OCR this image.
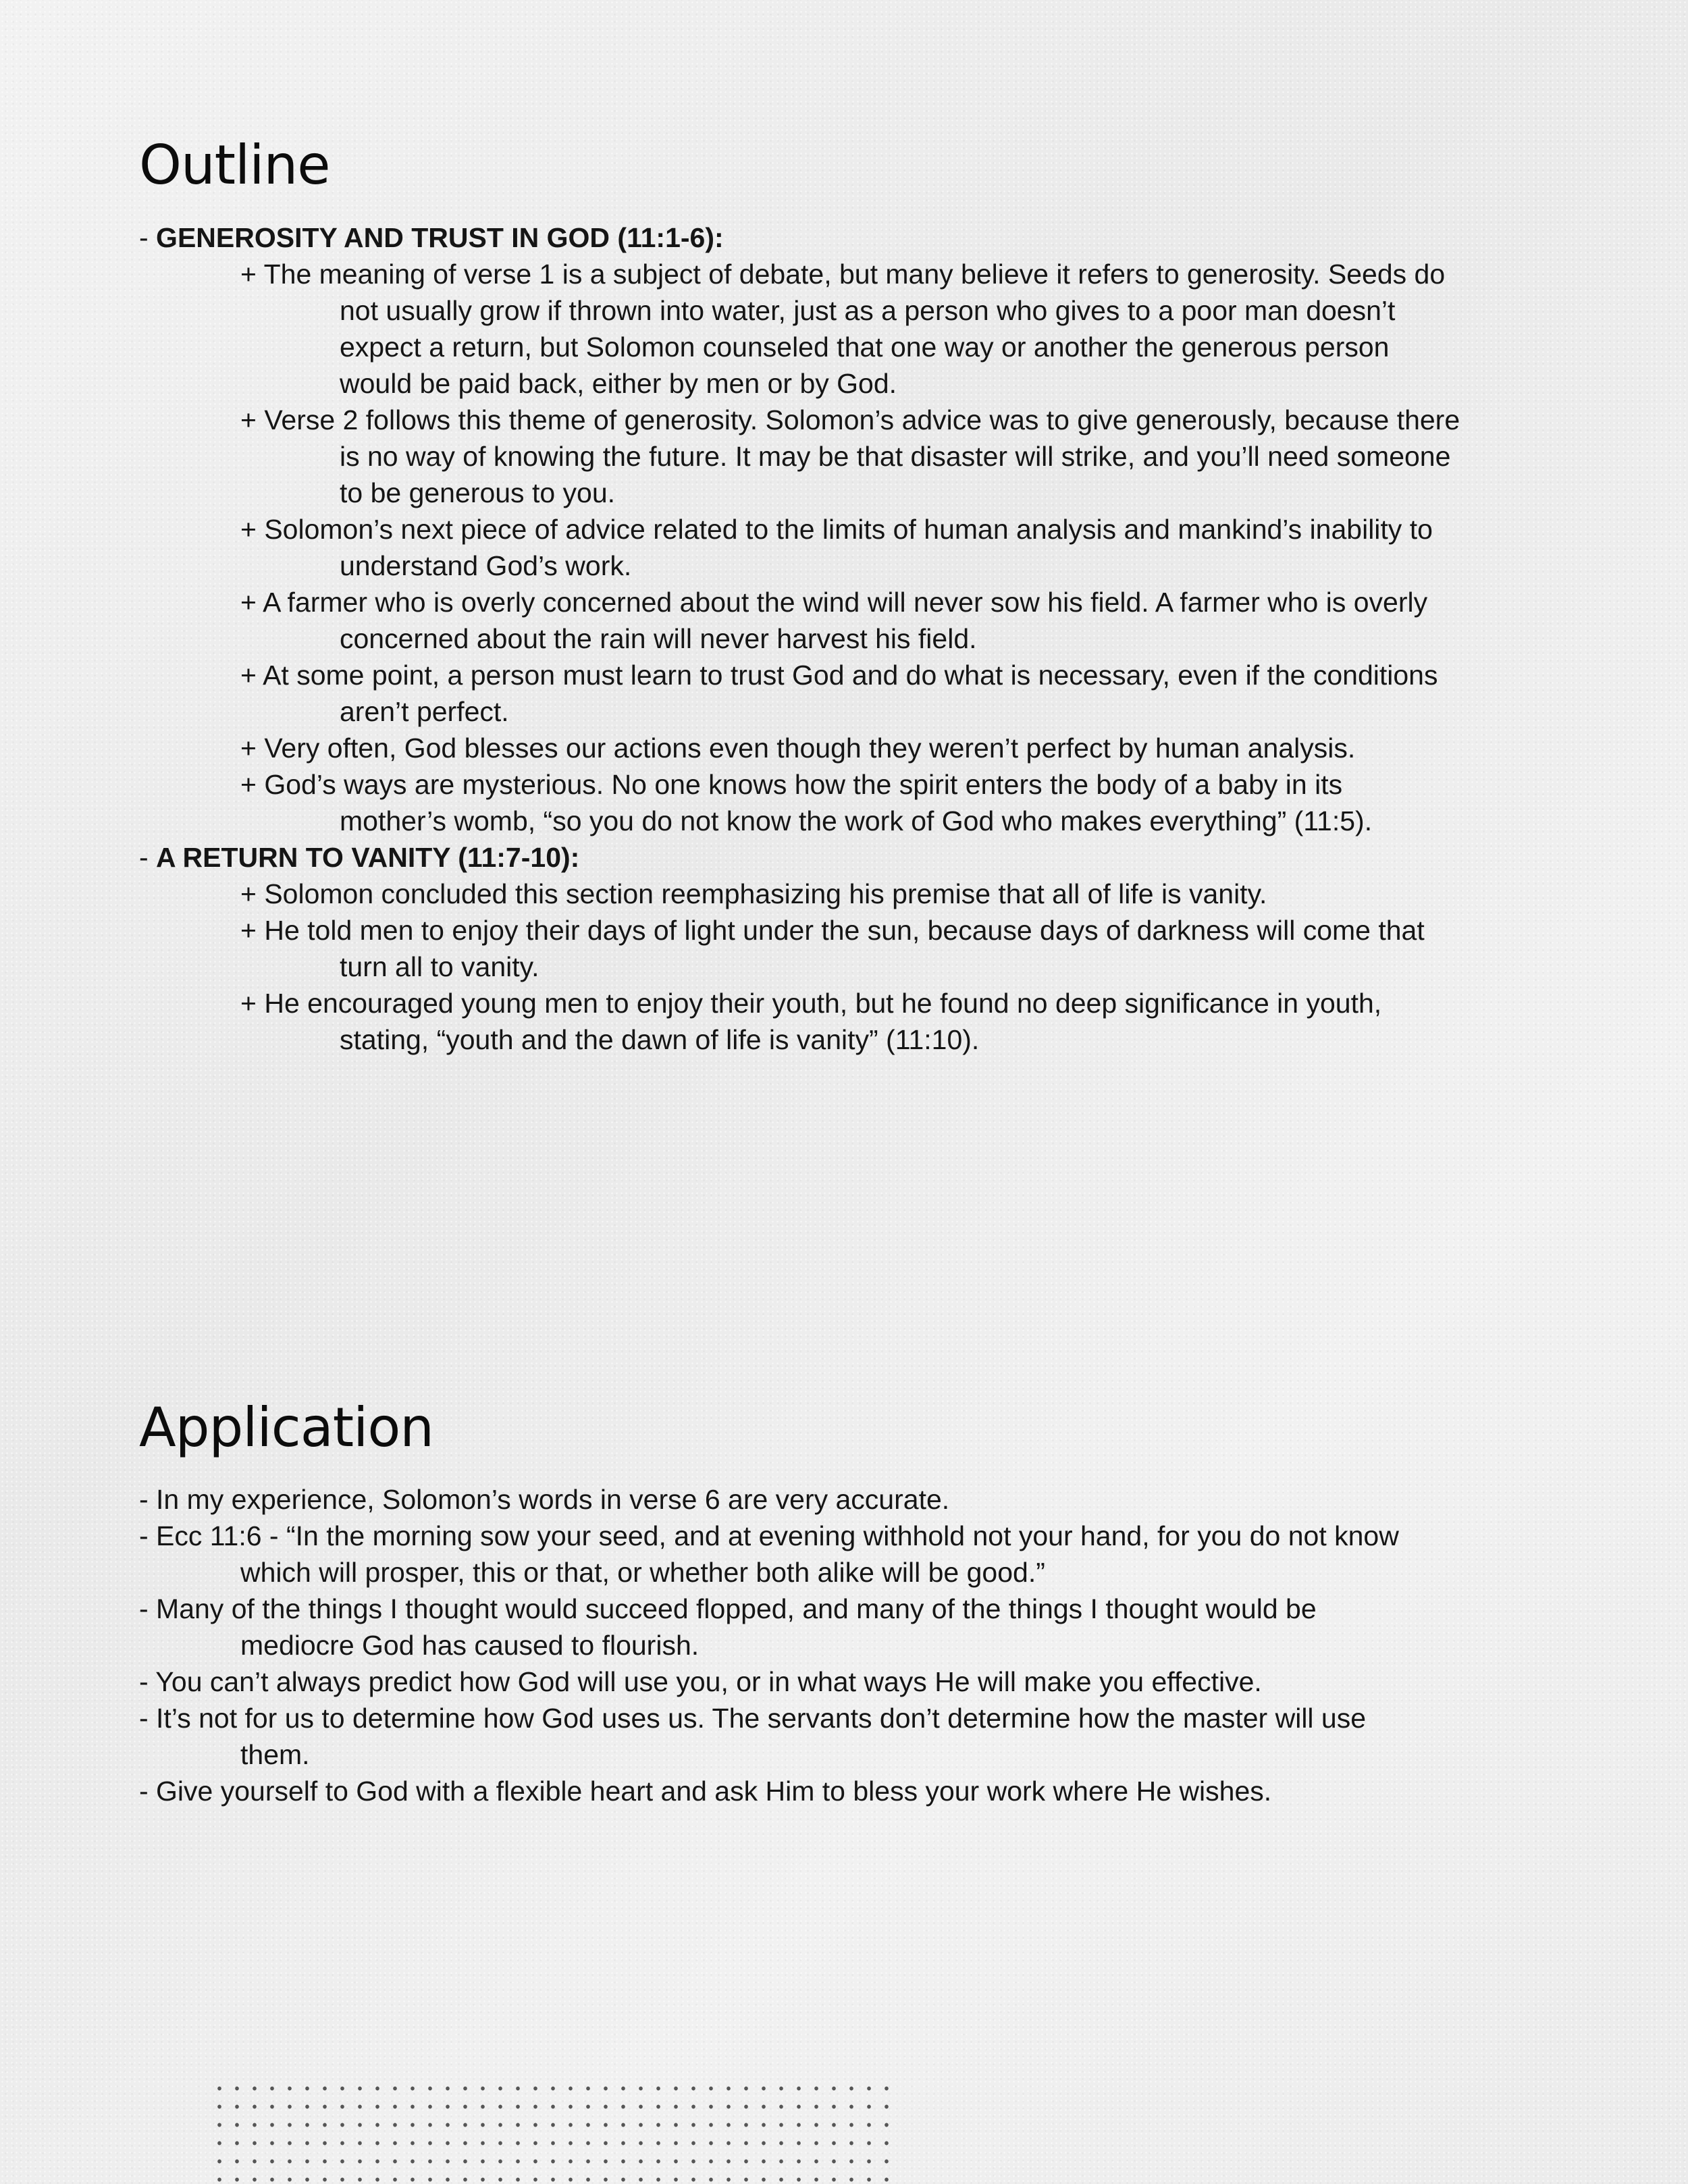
Outline
- GENEROSITY AND TRUST IN GOD (11:1-6):
+ The meaning of verse 1 is a subject of debate, but many believe it refers to generosity. Seeds do
not usually grow if thrown into water, just as a person who gives to a poor man doesn’t
expect a return, but Solomon counseled that one way or another the generous person
would be paid back, either by men or by God.
+ Verse 2 follows this theme of generosity. Solomon’s advice was to give generously, because there
is no way of knowing the future. It may be that disaster will strike, and you’ll need someone
to be generous to you.
+ Solomon’s next piece of advice related to the limits of human analysis and mankind’s inability to
understand God’s work.
+ A farmer who is overly concerned about the wind will never sow his field. A farmer who is overly
concerned about the rain will never harvest his field.
+ At some point, a person must learn to trust God and do what is necessary, even if the conditions
aren’t perfect.
+ Very often, God blesses our actions even though they weren’t perfect by human analysis.
+ God’s ways are mysterious. No one knows how the spirit enters the body of a baby in its
mother’s womb, “so you do not know the work of God who makes everything” (11:5).
- A RETURN TO VANITY (11:7-10):
+ Solomon concluded this section reemphasizing his premise that all of life is vanity.
+ He told men to enjoy their days of light under the sun, because days of darkness will come that
turn all to vanity.
+ He encouraged young men to enjoy their youth, but he found no deep significance in youth,
stating, “youth and the dawn of life is vanity” (11:10).
Application
- In my experience, Solomon’s words in verse 6 are very accurate.
- Ecc 11:6 - “In the morning sow your seed, and at evening withhold not your hand, for you do not know
which will prosper, this or that, or whether both alike will be good.”
- Many of the things I thought would succeed flopped, and many of the things I thought would be
mediocre God has caused to flourish.
- You can’t always predict how God will use you, or in what ways He will make you effective.
- It’s not for us to determine how God uses us. The servants don’t determine how the master will use
them.
- Give yourself to God with a flexible heart and ask Him to bless your work where He wishes.
